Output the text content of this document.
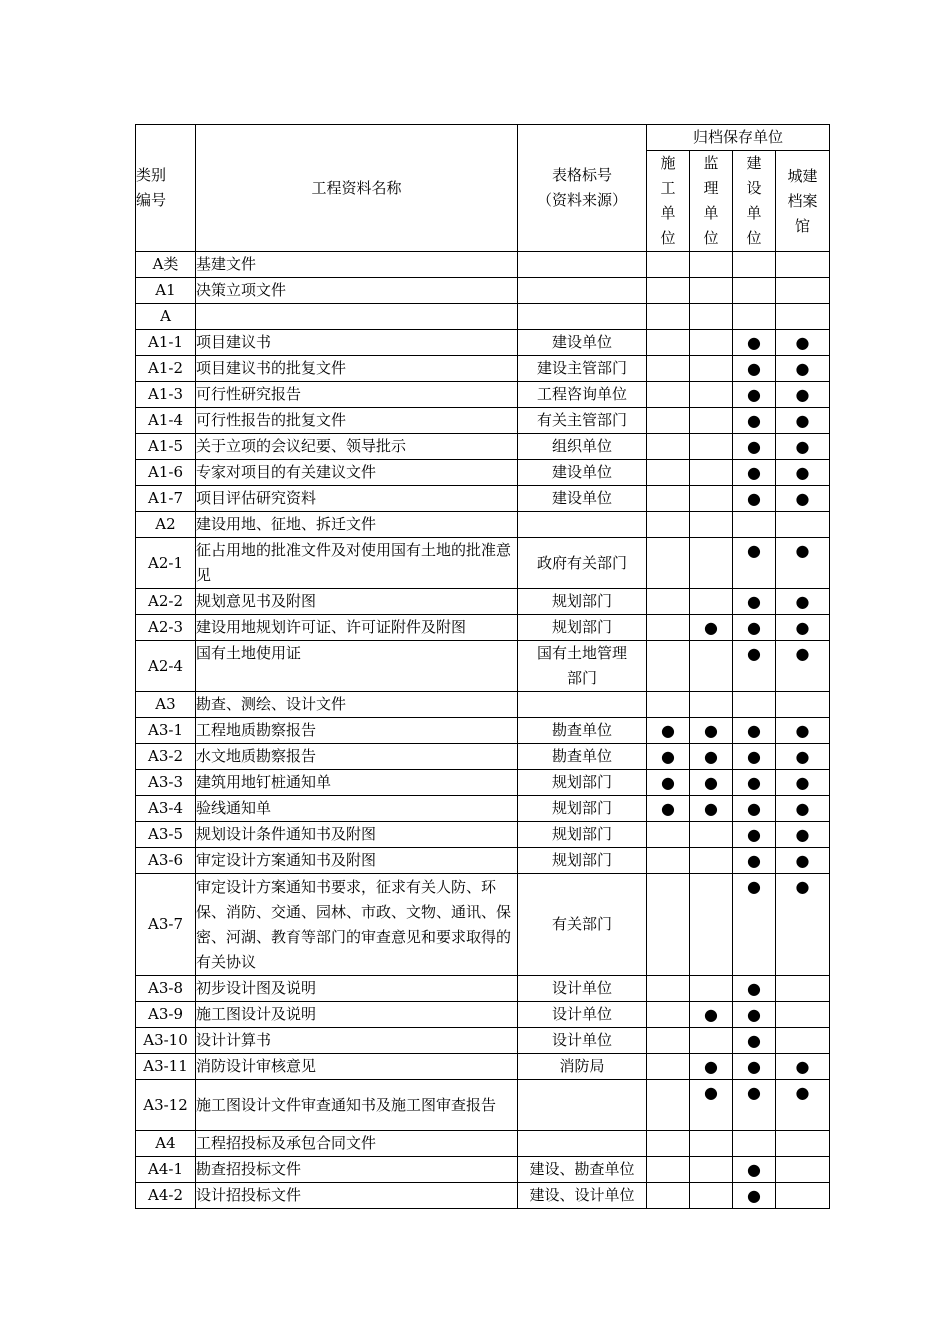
类别
编号	工程资料名称	表格标号
（资料来源）	归档保存单位			
			施工单位	监理单位	建设单位	城建档案馆
A类	基建文件					
A1	决策立项文件					
A						
A1-1	项目建议书	建设单位			●	●
A1-2	项目建议书的批复文件	建设主管部门			●	●
A1-3	可行性研究报告	工程咨询单位			●	●
A1-4	可行性报告的批复文件	有关主管部门			●	●
A1-5	关于立项的会议纪要、领导批示	组织单位			●	●
A1-6	专家对项目的有关建议文件	建设单位			●	●
A1-7	项目评估研究资料	建设单位			●	●
A2	建设用地、征地、拆迁文件					
A2-1	征占用地的批准文件及对使用国有土地的批准意见	政府有关部门			●	●
A2-2	规划意见书及附图	规划部门			●	●
A2-3	建设用地规划许可证、许可证附件及附图	规划部门		●	●	●
A2-4	国有土地使用证	国有土地管理部门			●	●
A3	勘查、测绘、设计文件					
A3-1	工程地质勘察报告	勘查单位	●	●	●	●
A3-2	水文地质勘察报告	勘查单位	●	●	●	●
A3-3	建筑用地钉桩通知单	规划部门	●	●	●	●
A3-4	验线通知单	规划部门	●	●	●	●
A3-5	规划设计条件通知书及附图	规划部门			●	●
A3-6	审定设计方案通知书及附图	规划部门			●	●
A3-7	审定设计方案通知书要求，征求有关人防、环保、消防、交通、园林、市政、文物、通讯、保密、河湖、教育等部门的审查意见和要求取得的有关协议	有关部门			●	●
A3-8	初步设计图及说明	设计单位			●	
A3-9	施工图设计及说明	设计单位		●	●	
A3-10	设计计算书	设计单位			●	
A3-11	消防设计审核意见	消防局		●	●	●
A3-12	施工图设计文件审查通知书及施工图审查报告			●	●	●
A4	工程招投标及承包合同文件					
A4-1	勘查招投标文件	建设、勘查单位			●	
A4-2	设计招投标文件	建设、设计单位			●	
